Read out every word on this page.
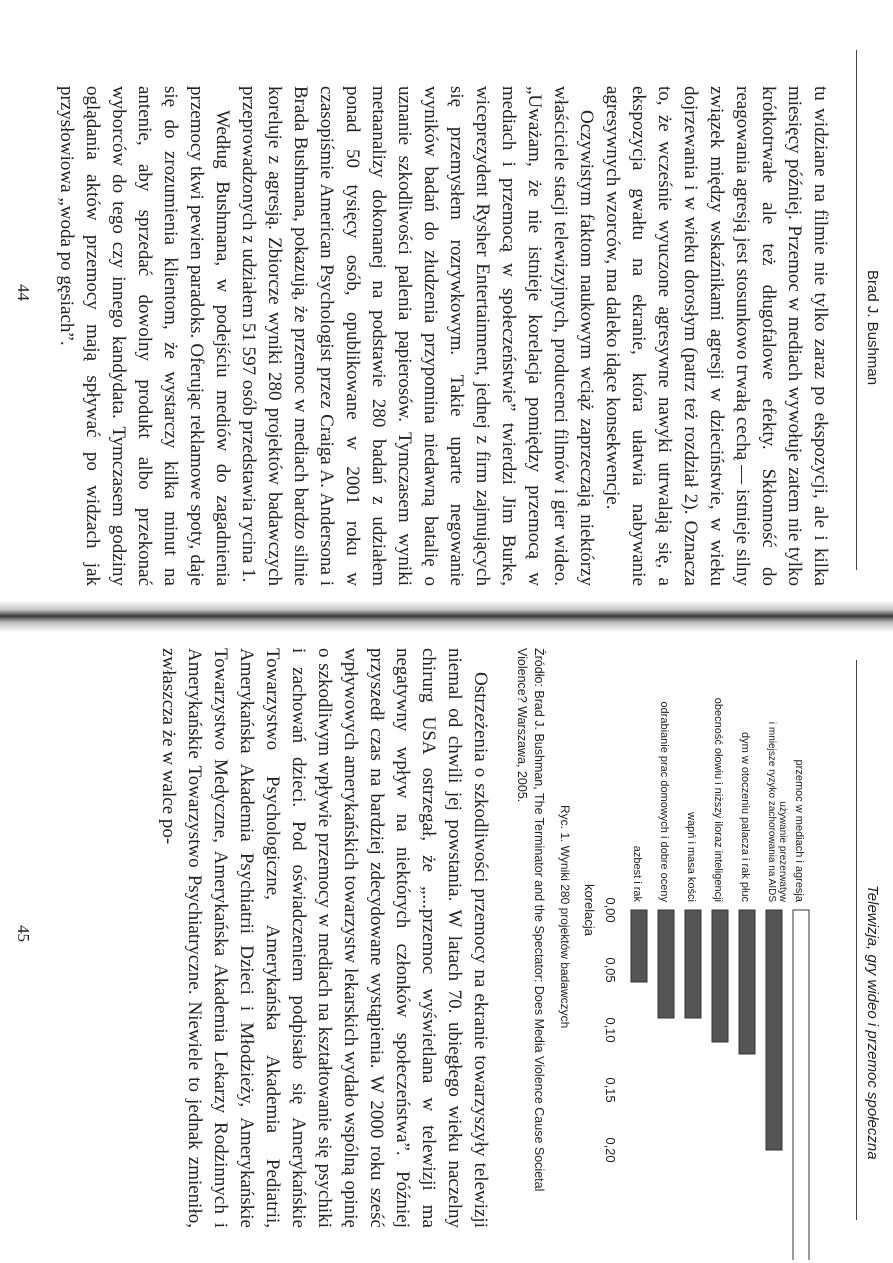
Brad J. Bushman

tu widziane na filmie nie tylko zaraz po ekspozycji, ale i kilka miesięcy później. Przemoc w mediach wywołuje zatem nie tylko krótkotrwałe ale też długofalowe efekty. Skłonność do reagowania agresją jest stosunkowo trwałą cechą — istnieje silny związek między wskaźnikami agresji w dzieciństwie, w wieku dojrzewania i w wieku dorosłym (patrz też rozdział 2). Oznacza to, że wcześnie wyuczone agresywne nawyki utrwalają się, a ekspozycja gwałtu na ekranie, która ułatwia nabywanie agresywnych wzorców, ma daleko idące konsekwencje.

Oczywistym faktom naukowym wciąż zaprzeczają niektórzy właściciele stacji telewizyjnych, producenci filmów i gier wideo. „Uważam, że nie istnieje korelacja pomiędzy przemocą w mediach i przemocą w społeczeństwie” twierdzi Jim Burke, wiceprezydent Rysher Entertainment, jednej z firm zajmujących się przemysłem rozrywkowym. Takie uparte negowanie wyników badań do złudzenia przypomina niedawną batalię o uznanie szkodliwości palenia papierosów. Tymczasem wyniki metaanalizy dokonanej na podstawie 280 badań z udziałem ponad 50 tysięcy osób, opublikowane w 2001 roku w czasopiśmie American Psychologist przez Craiga A. Andersona i Brada Bushmana, pokazują, że przemoc w mediach bardzo silnie koreluje z agresją. Zbiorcze wyniki 280 projektów badawczych przeprowadzonych z udziałem 51 597 osób przedstawia rycina 1.

Według Bushmana, w podejściu mediów do zagadnienia przemocy tkwi pewien paradoks. Oferując reklamowe spoty, daje się do zrozumienia klientom, że wystarczy kilka minut na antenie, aby sprzedać dowolny produkt albo przekonać wyborców do tego czy innego kandydata. Tymczasem godziny oglądania aktów przemocy mają spływać po widzach jak przysłowiowa „woda po gęsiach”.

44
Telewizja, gry wideo i przemoc społeczna
przemoc w mediach i agresja
używanie prezerwatyw
i mniejsze ryzyko zachorowania na AIDS
dym w otoczeniu palacza i rak płuc
obecność ołowiu i niższy iloraz inteligencji
wapń i masa kości
odrabianie prac domowych i dobre oceny
azbest i rak
0,00
0,05
0,10
0,15
0,20
korelacja
Ryc. 1. Wyniki 280 projektów badawczych
Źródło: Brad J. Bushman, The Terminator and the Spectator: Does Media Violence Cause Societal Violence? Warszawa, 2005.

Ostrzeżenia o szkodliwości przemocy na ekranie towarzyszyły telewizji niemal od chwili jej powstania. W latach 70. ubiegłego wieku naczelny chirurg USA ostrzegał, że „...przemoc wyświetlana w telewizji ma negatywny wpływ na niektórych członków społeczeństwa”. Później przyszedł czas na bardziej zdecydowane wystąpienia. W 2000 roku sześć wpływowych amerykańskich towarzystw lekarskich wydało wspólną opinię o szkodliwym wpływie przemocy w mediach na kształtowanie się psychiki i zachowań dzieci. Pod oświadczeniem podpisało się Amerykańskie Towarzystwo Psychologiczne, Amerykańska Akademia Pediatrii, Amerykańska Akademia Psychiatrii Dzieci i Młodzieży, Amerykańskie Towarzystwo Medyczne, Amerykańska Akademia Lekarzy Rodzinnych i Amerykańskie Towarzystwo Psychiatryczne. Niewiele to jednak zmieniło, zwłaszcza że w walce po-

45
